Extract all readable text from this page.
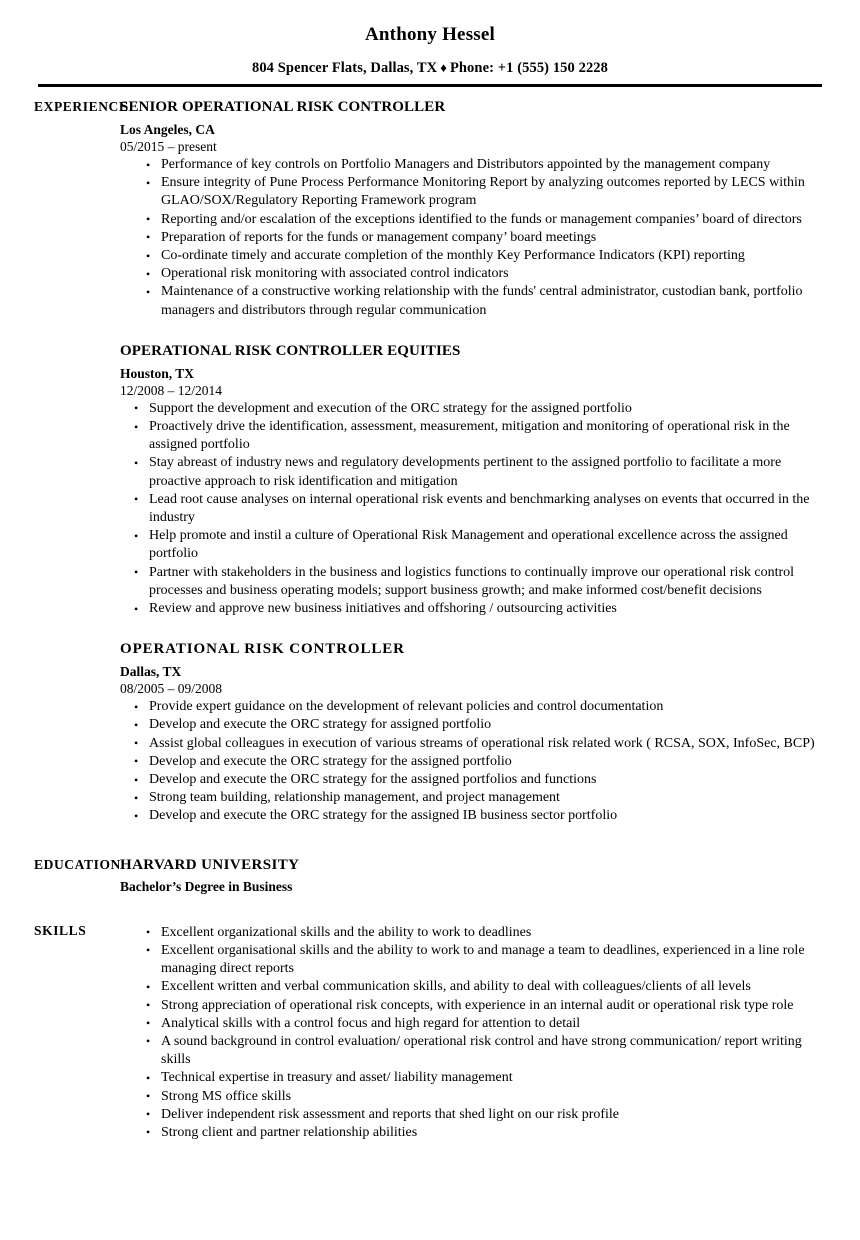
Anthony Hessel
804 Spencer Flats, Dallas, TX ♦ Phone: +1 (555) 150 2228
EXPERIENCE
SENIOR OPERATIONAL RISK CONTROLLER
Los Angeles, CA
05/2015 – present
• Performance of key controls on Portfolio Managers and Distributors appointed by the management company
• Ensure integrity of Pune Process Performance Monitoring Report by analyzing outcomes reported by LECS within GLAO/SOX/Regulatory Reporting Framework program
• Reporting and/or escalation of the exceptions identified to the funds or management companies’ board of directors
• Preparation of reports for the funds or management company’ board meetings
• Co-ordinate timely and accurate completion of the monthly Key Performance Indicators (KPI) reporting
• Operational risk monitoring with associated control indicators
• Maintenance of a constructive working relationship with the funds' central administrator, custodian bank, portfolio managers and distributors through regular communication
OPERATIONAL RISK CONTROLLER EQUITIES
Houston, TX
12/2008 – 12/2014
• Support the development and execution of the ORC strategy for the assigned portfolio
• Proactively drive the identification, assessment, measurement, mitigation and monitoring of operational risk in the assigned portfolio
• Stay abreast of industry news and regulatory developments pertinent to the assigned portfolio to facilitate a more proactive approach to risk identification and mitigation
• Lead root cause analyses on internal operational risk events and benchmarking analyses on events that occurred in the industry
• Help promote and instil a culture of Operational Risk Management and operational excellence across the assigned portfolio
• Partner with stakeholders in the business and logistics functions to continually improve our operational risk control processes and business operating models; support business growth; and make informed cost/benefit decisions
• Review and approve new business initiatives and offshoring / outsourcing activities
OPERATIONAL RISK CONTROLLER
Dallas, TX
08/2005 – 09/2008
• Provide expert guidance on the development of relevant policies and control documentation
• Develop and execute the ORC strategy for assigned portfolio
• Assist global colleagues in execution of various streams of operational risk related work ( RCSA, SOX, InfoSec, BCP)
• Develop and execute the ORC strategy for the assigned portfolio
• Develop and execute the ORC strategy for the assigned portfolios and functions
• Strong team building, relationship management, and project management
• Develop and execute the ORC strategy for the assigned IB business sector portfolio
EDUCATION HARVARD UNIVERSITY
Bachelor’s Degree in Business
SKILLS	• Excellent organizational skills and the ability to work to deadlines
• Excellent organisational skills and the ability to work to and manage a team to deadlines, experienced in a line role managing direct reports
• Excellent written and verbal communication skills, and ability to deal with colleagues/clients of all levels
• Strong appreciation of operational risk concepts, with experience in an internal audit or operational risk type role
• Analytical skills with a control focus and high regard for attention to detail
• A sound background in control evaluation/ operational risk control and have strong communication/ report writing skills
• Technical expertise in treasury and asset/ liability management
• Strong MS office skills
• Deliver independent risk assessment and reports that shed light on our risk profile
• Strong client and partner relationship abilities
